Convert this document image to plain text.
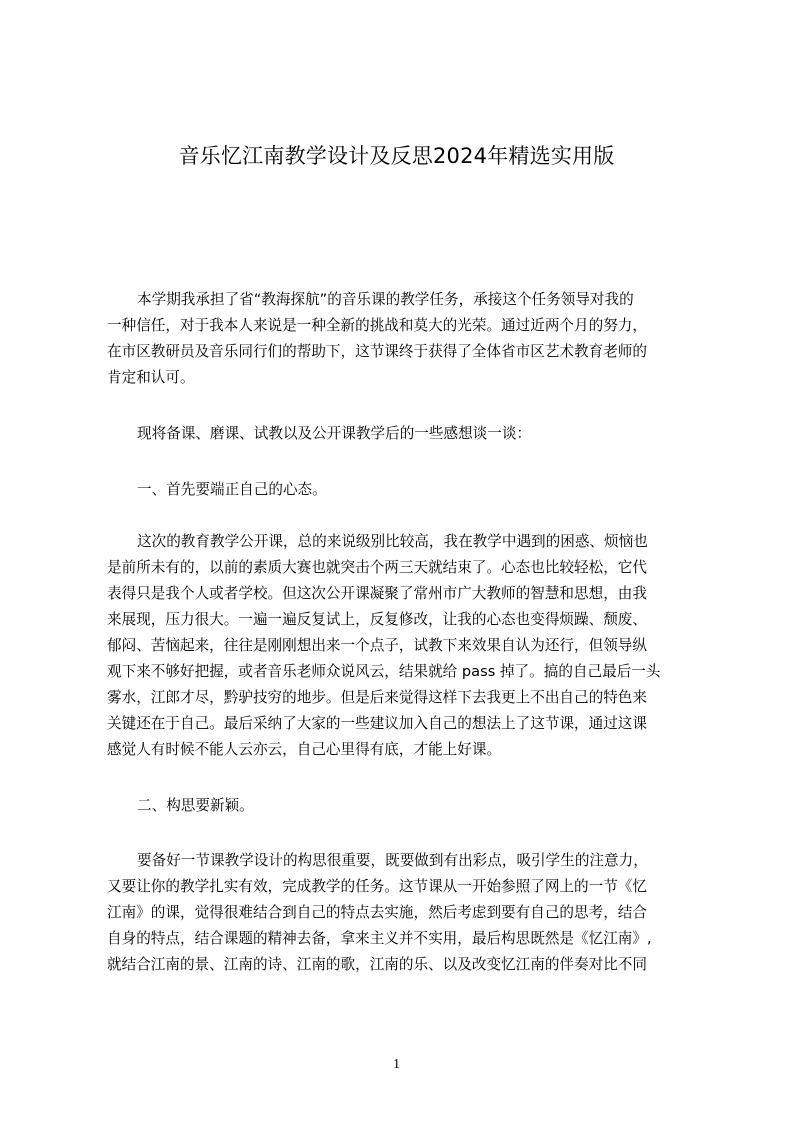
音乐忆江南教学设计及反思2024年精选实用版
本学期我承担了省“教海探航”的音乐课的教学任务，承接这个任务领导对我的
一种信任，对于我本人来说是一种全新的挑战和莫大的光荣。通过近两个月的努力，
在市区教研员及音乐同行们的帮助下，这节课终于获得了全体省市区艺术教育老师的
肯定和认可。
现将备课、磨课、试教以及公开课教学后的一些感想谈一谈：
一、首先要端正自己的心态。
这次的教育教学公开课，总的来说级别比较高，我在教学中遇到的困惑、烦恼也
是前所未有的，以前的素质大赛也就突击个两三天就结束了。心态也比较轻松，它代
表得只是我个人或者学校。但这次公开课凝聚了常州市广大教师的智慧和思想，由我
来展现，压力很大。一遍一遍反复试上，反复修改，让我的心态也变得烦躁、颓废、
郁闷、苦恼起来，往往是刚刚想出来一个点子，试教下来效果自认为还行，但领导纵
观下来不够好把握，或者音乐老师众说风云，结果就给 pass 掉了。搞的自己最后一头
雾水，江郎才尽，黔驴技穷的地步。但是后来觉得这样下去我更上不出自己的特色来
关键还在于自己。最后采纳了大家的一些建议加入自己的想法上了这节课，通过这课
感觉人有时候不能人云亦云，自己心里得有底，才能上好课。
二、构思要新颖。
要备好一节课教学设计的构思很重要，既要做到有出彩点，吸引学生的注意力，
又要让你的教学扎实有效，完成教学的任务。这节课从一开始参照了网上的一节《忆
江南》的课，觉得很难结合到自己的特点去实施，然后考虑到要有自己的思考，结合
自身的特点，结合课题的精神去备，拿来主义并不实用，最后构思既然是《忆江南》,
就结合江南的景、江南的诗、江南的歌，江南的乐、以及改变忆江南的伴奏对比不同
1
